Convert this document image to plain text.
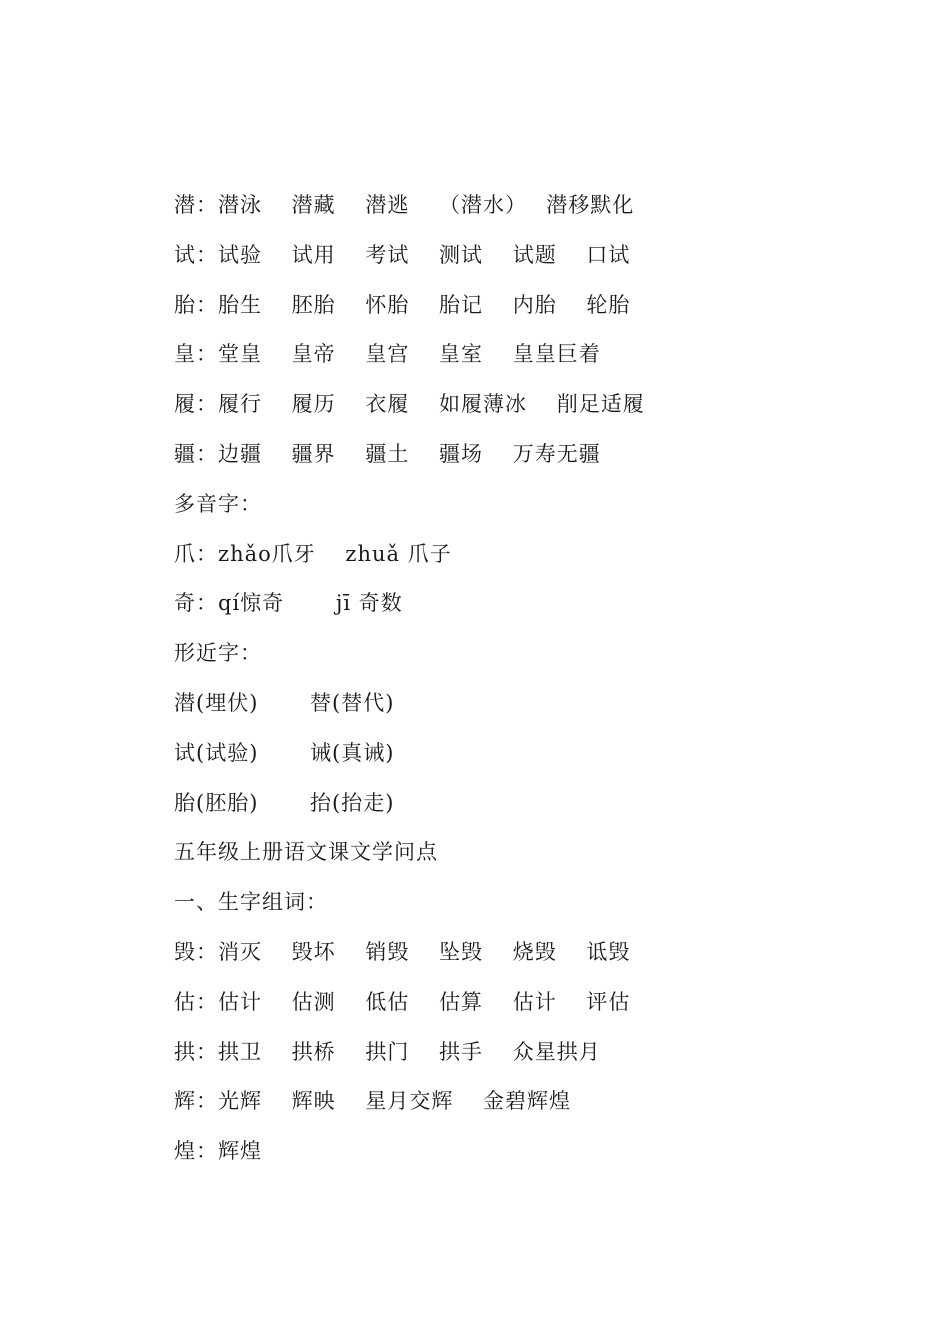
潜：潜泳　 潜藏　 潜逃　 （潜水）　 潜移默化
试：试验　 试用　 考试　 测试　 试题　 口试
胎：胎生　 胚胎　 怀胎　 胎记　 内胎　 轮胎
皇：堂皇　 皇帝　 皇宫　 皇室　 皇皇巨着
履：履行　 履历　 衣履　 如履薄冰　 削足适履
疆：边疆　 疆界　 疆土　 疆场　 万寿无疆
多音字：
爪：zhǎo爪牙　 zhuǎ 爪子
奇：qí惊奇　　 jī 奇数
形近字：
潜(埋伏)　　 替(替代)
试(试验)　　 诫(真诫)
胎(胚胎)　　 抬(抬走)
五年级上册语文课文学问点
一、生字组词：
毁：消灭　 毁坏　 销毁　 坠毁　 烧毁　 诋毁
估：估计　 估测　 低估　 估算　 估计　 评估
拱：拱卫　 拱桥　 拱门　 拱手　 众星拱月
辉：光辉　 辉映　 星月交辉　 金碧辉煌
煌：辉煌
